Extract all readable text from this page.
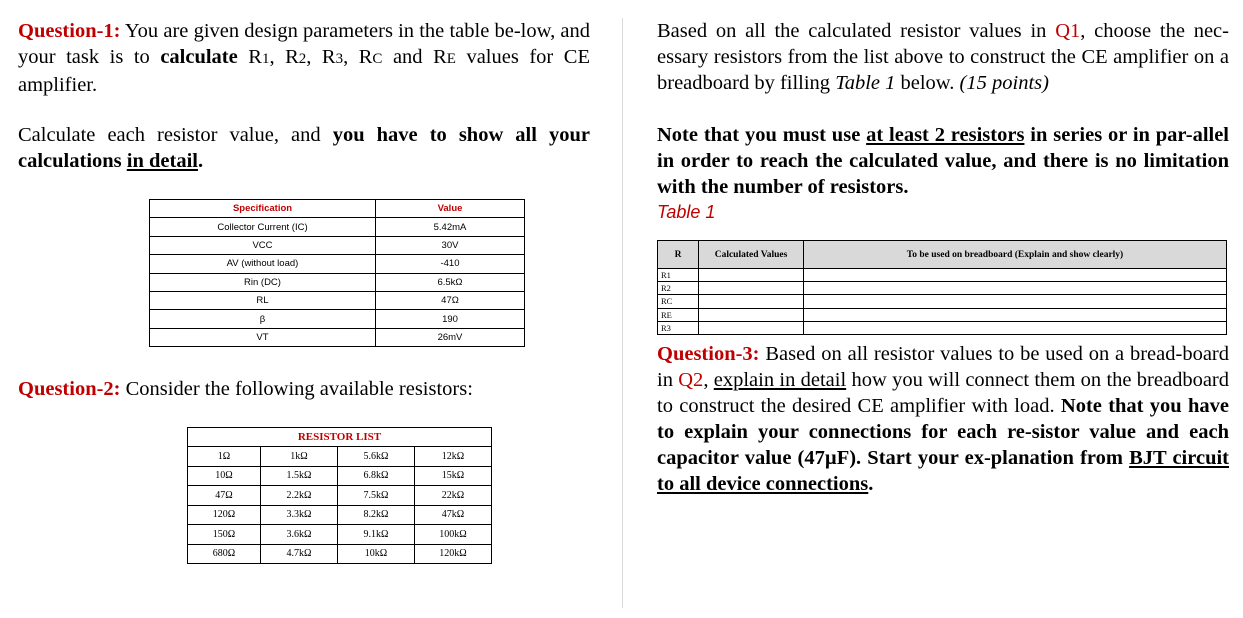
Question-1: You are given design parameters in the table be-low, and your task is to calculate R1, R2, R3, RC and RE values for CE amplifier.

Calculate each resistor value, and you have to show all your calculations in detail.

Question-2: Consider the following available resistors:

Specification	Value
Collector Current (IC)	5.42mA
VCC	30V
AV (without load)	-410
Rin (DC)	6.5kΩ
RL	47Ω
β	190
VT	26mV
RESISTOR LIST			
1Ω	1kΩ	5.6kΩ	12kΩ
10Ω	1.5kΩ	6.8kΩ	15kΩ
47Ω	2.2kΩ	7.5kΩ	22kΩ
120Ω	3.3kΩ	8.2kΩ	47kΩ
150Ω	3.6kΩ	9.1kΩ	100kΩ
680Ω	4.7kΩ	10kΩ	120kΩ

Based on all the calculated resistor values in Q1, choose the nec-essary resistors from the list above to construct the CE amplifier on a breadboard by filling Table 1 below. (15 points)

Note that you must use at least 2 resistors in series or in par-allel in order to reach the calculated value, and there is no limitation with the number of resistors.

Question-3: Based on all resistor values to be used on a bread-board in Q2, explain in detail how you will connect them on the breadboard to construct the desired CE amplifier with load. Note that you have to explain your connections for each re-sistor value and each capacitor value (47µF). Start your ex-planation from BJT circuit to all device connections.

Table 1
R	Calculated Values	To be used on breadboard (Explain and show clearly)
R1		
R2		
RC		
RE		
R3		
